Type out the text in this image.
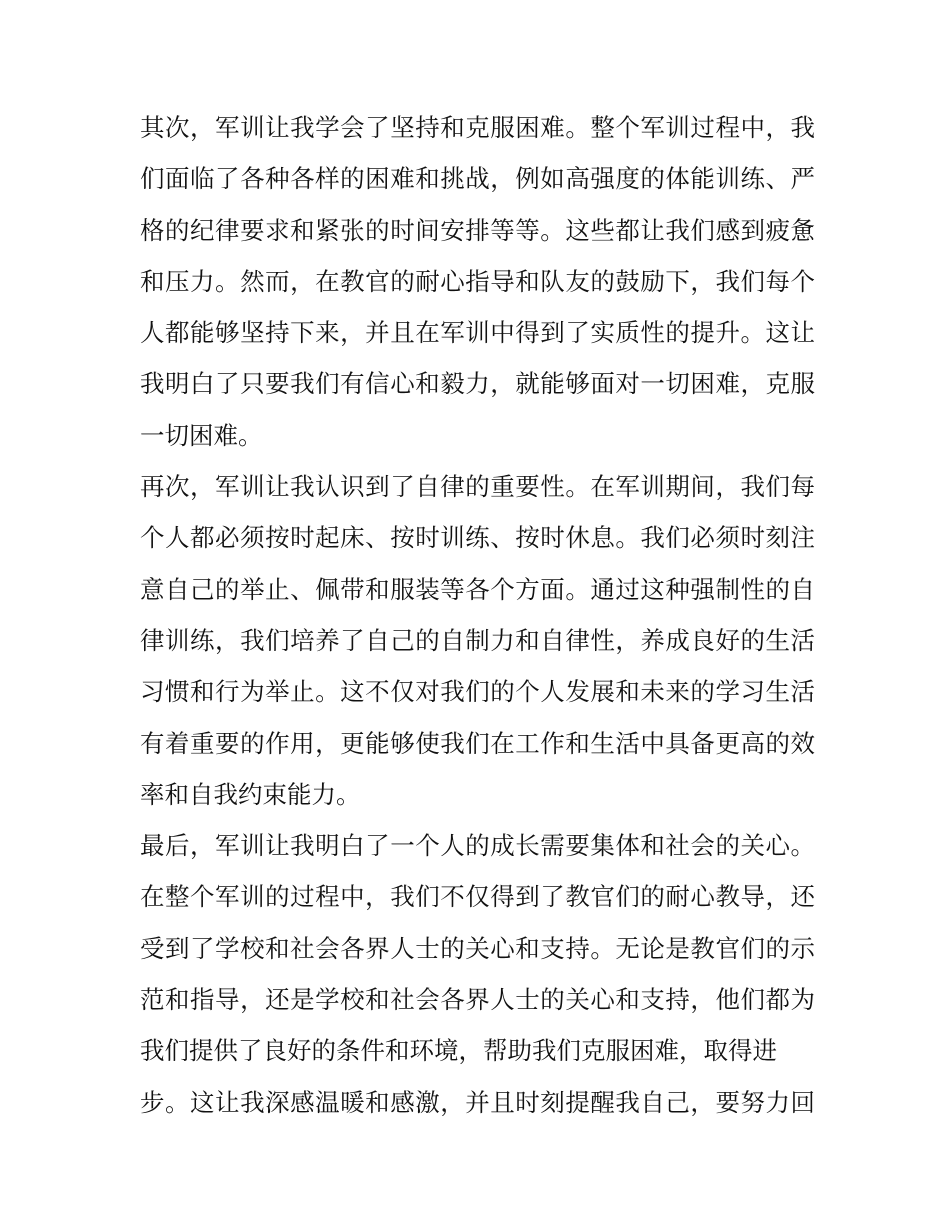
其次，军训让我学会了坚持和克服困难。整个军训过程中，我
们面临了各种各样的困难和挑战，例如高强度的体能训练、严
格的纪律要求和紧张的时间安排等等。这些都让我们感到疲惫
和压力。然而，在教官的耐心指导和队友的鼓励下，我们每个
人都能够坚持下来，并且在军训中得到了实质性的提升。这让
我明白了只要我们有信心和毅力，就能够面对一切困难，克服
一切困难。
再次，军训让我认识到了自律的重要性。在军训期间，我们每
个人都必须按时起床、按时训练、按时休息。我们必须时刻注
意自己的举止、佩带和服装等各个方面。通过这种强制性的自
律训练，我们培养了自己的自制力和自律性，养成良好的生活
习惯和行为举止。这不仅对我们的个人发展和未来的学习生活
有着重要的作用，更能够使我们在工作和生活中具备更高的效
率和自我约束能力。
最后，军训让我明白了一个人的成长需要集体和社会的关心。
在整个军训的过程中，我们不仅得到了教官们的耐心教导，还
受到了学校和社会各界人士的关心和支持。无论是教官们的示
范和指导，还是学校和社会各界人士的关心和支持，他们都为
我们提供了良好的条件和环境，帮助我们克服困难，取得进
步。这让我深感温暖和感激，并且时刻提醒我自己，要努力回
